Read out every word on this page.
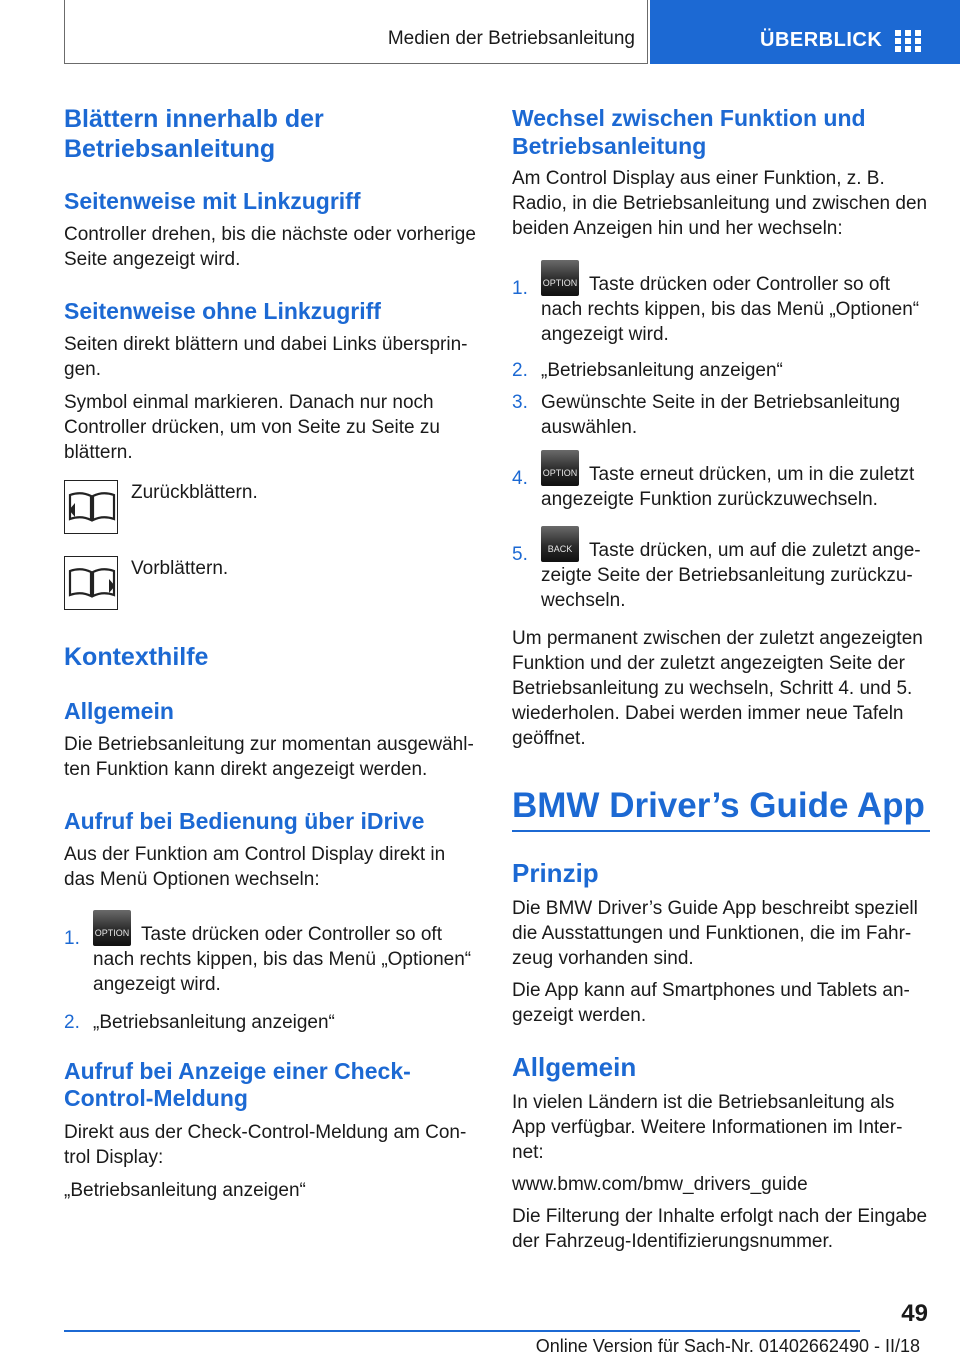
Medien der Betriebsanleitung	ÜBERBLICK
Blättern innerhalb der Betriebsanleitung
Seitenweise mit Linkzugriff

Controller drehen, bis die nächste oder vorherige Seite angezeigt wird.

Seitenweise ohne Linkzugriff

Seiten direkt blättern und dabei Links übersprin‐gen.

Symbol einmal markieren. Danach nur noch Controller drücken, um von Seite zu Seite zu blättern.

Zurückblättern.
Vorblättern.
Kontexthilfe
Allgemein

Die Betriebsanleitung zur momentan ausgewähl‐ten Funktion kann direkt angezeigt werden.

Aufruf bei Bedienung über iDrive

Aus der Funktion am Control Display direkt in das Menü Optionen wechseln:

1. OPTION Taste drücken oder Controller so oft nach rechts kippen, bis das Menü „Optionen“ angezeigt wird.
2. „Betriebsanleitung anzeigen“
Aufruf bei Anzeige einer Check-Control-Meldung

Direkt aus der Check-Control-Meldung am Con‐trol Display:

„Betriebsanleitung anzeigen“

Wechsel zwischen Funktion und Betriebsanleitung

Am Control Display aus einer Funktion, z. B. Radio, in die Betriebsanleitung und zwischen den beiden Anzeigen hin und her wechseln:

1. OPTION Taste drücken oder Controller so oft nach rechts kippen, bis das Menü „Optionen“ angezeigt wird.
2. „Betriebsanleitung anzeigen“
3. Gewünschte Seite in der Betriebsanleitung auswählen.
4. OPTION Taste erneut drücken, um in die zuletzt angezeigte Funktion zurückzuwechseln.
5.	BACK Taste drücken, um auf die zuletzt ange‐zeigte Seite der Betriebsanleitung zurückzu‐wechseln.

Um permanent zwischen der zuletzt angezeigten Funktion und der zuletzt angezeigten Seite der Betriebsanleitung zu wechseln, Schritt 4. und 5. wiederholen. Dabei werden immer neue Tafeln geöffnet.

BMW Driver’s Guide App
Prinzip

Die BMW Driver’s Guide App beschreibt speziell die Ausstattungen und Funktionen, die im Fahr‐zeug vorhanden sind.

Die App kann auf Smartphones und Tablets an‐gezeigt werden.

Allgemein

In vielen Ländern ist die Betriebsanleitung als App verfügbar. Weitere Informationen im Inter‐net:

www.bmw.com/bmw_drivers_guide

Die Filterung der Inhalte erfolgt nach der Eingabe der Fahrzeug-Identifizierungsnummer.

49
Online Version für Sach-Nr. 01402662490 - II/18
